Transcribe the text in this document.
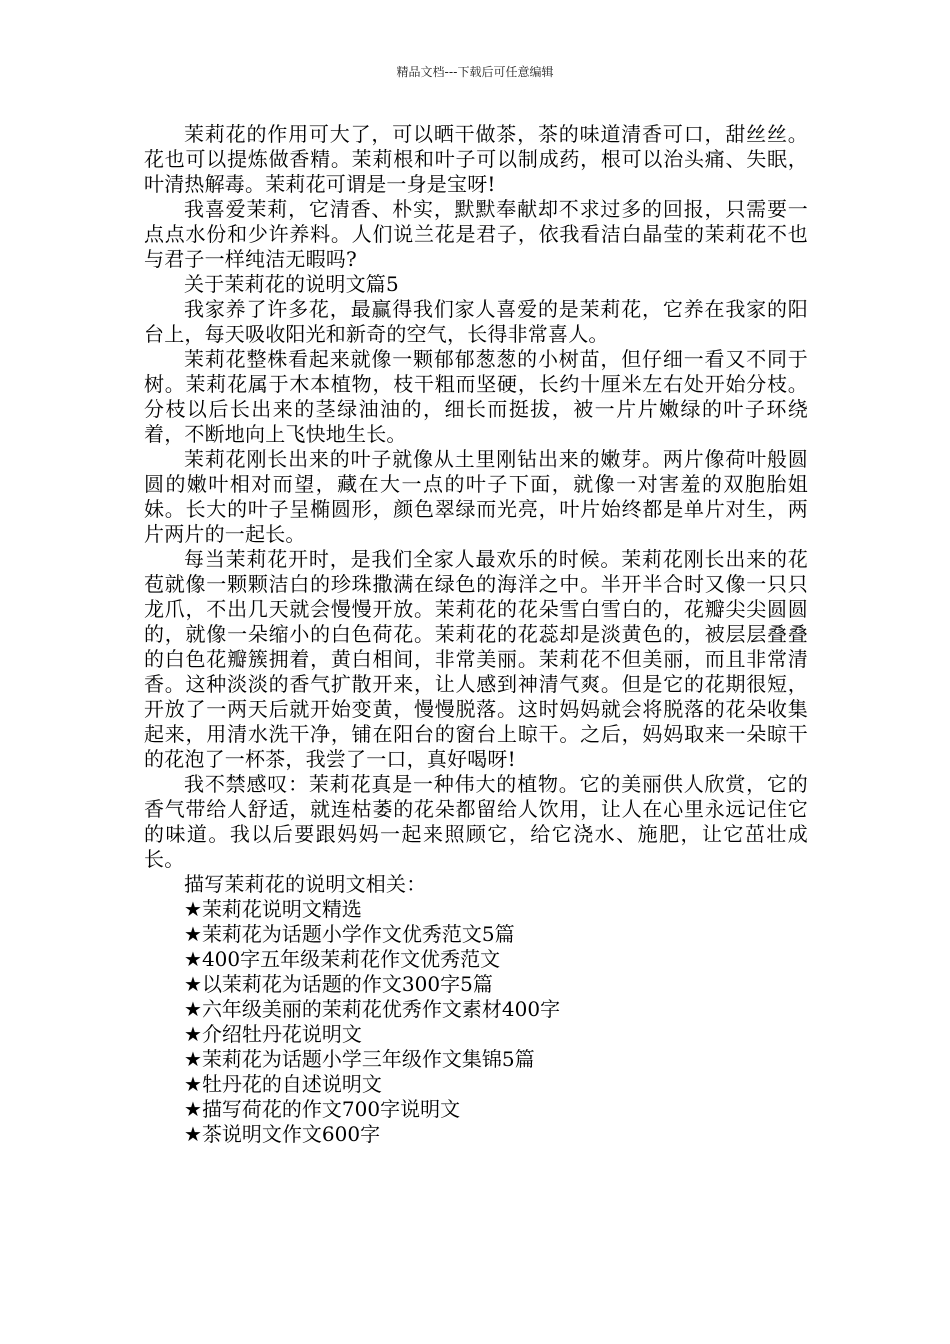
精品文档---下载后可任意编辑

茉莉花的作用可大了，可以晒干做茶，茶的味道清香可口，甜丝丝。花也可以提炼做香精。茉莉根和叶子可以制成药，根可以治头痛、失眠，叶清热解毒。茉莉花可谓是一身是宝呀!

我喜爱茉莉，它清香、朴实，默默奉献却不求过多的回报，只需要一点点水份和少许养料。人们说兰花是君子，依我看洁白晶莹的茉莉花不也与君子一样纯洁无暇吗?

关于茉莉花的说明文篇5

我家养了许多花，最赢得我们家人喜爱的是茉莉花，它养在我家的阳台上，每天吸收阳光和新奇的空气，长得非常喜人。

茉莉花整株看起来就像一颗郁郁葱葱的小树苗，但仔细一看又不同于树。茉莉花属于木本植物，枝干粗而坚硬，长约十厘米左右处开始分枝。分枝以后长出来的茎绿油油的，细长而挺拔，被一片片嫩绿的叶子环绕着，不断地向上飞快地生长。

茉莉花刚长出来的叶子就像从土里刚钻出来的嫩芽。两片像荷叶般圆圆的嫩叶相对而望，藏在大一点的叶子下面，就像一对害羞的双胞胎姐妹。长大的叶子呈椭圆形，颜色翠绿而光亮，叶片始终都是单片对生，两片两片的一起长。

每当茉莉花开时，是我们全家人最欢乐的时候。茉莉花刚长出来的花苞就像一颗颗洁白的珍珠撒满在绿色的海洋之中。半开半合时又像一只只龙爪，不出几天就会慢慢开放。茉莉花的花朵雪白雪白的，花瓣尖尖圆圆的，就像一朵缩小的白色荷花。茉莉花的花蕊却是淡黄色的，被层层叠叠的白色花瓣簇拥着，黄白相间，非常美丽。茉莉花不但美丽，而且非常清香。这种淡淡的香气扩散开来，让人感到神清气爽。但是它的花期很短，开放了一两天后就开始变黄，慢慢脱落。这时妈妈就会将脱落的花朵收集起来，用清水洗干净，铺在阳台的窗台上晾干。之后，妈妈取来一朵晾干的花泡了一杯茶，我尝了一口，真好喝呀!

我不禁感叹：茉莉花真是一种伟大的植物。它的美丽供人欣赏，它的香气带给人舒适，就连枯萎的花朵都留给人饮用，让人在心里永远记住它的味道。我以后要跟妈妈一起来照顾它，给它浇水、施肥，让它茁壮成长。

描写茉莉花的说明文相关：

★茉莉花说明文精选
★茉莉花为话题小学作文优秀范文5篇
★400字五年级茉莉花作文优秀范文
★以茉莉花为话题的作文300字5篇
★六年级美丽的茉莉花优秀作文素材400字
★介绍牡丹花说明文
★茉莉花为话题小学三年级作文集锦5篇
★牡丹花的自述说明文
★描写荷花的作文700字说明文
★茶说明文作文600字
